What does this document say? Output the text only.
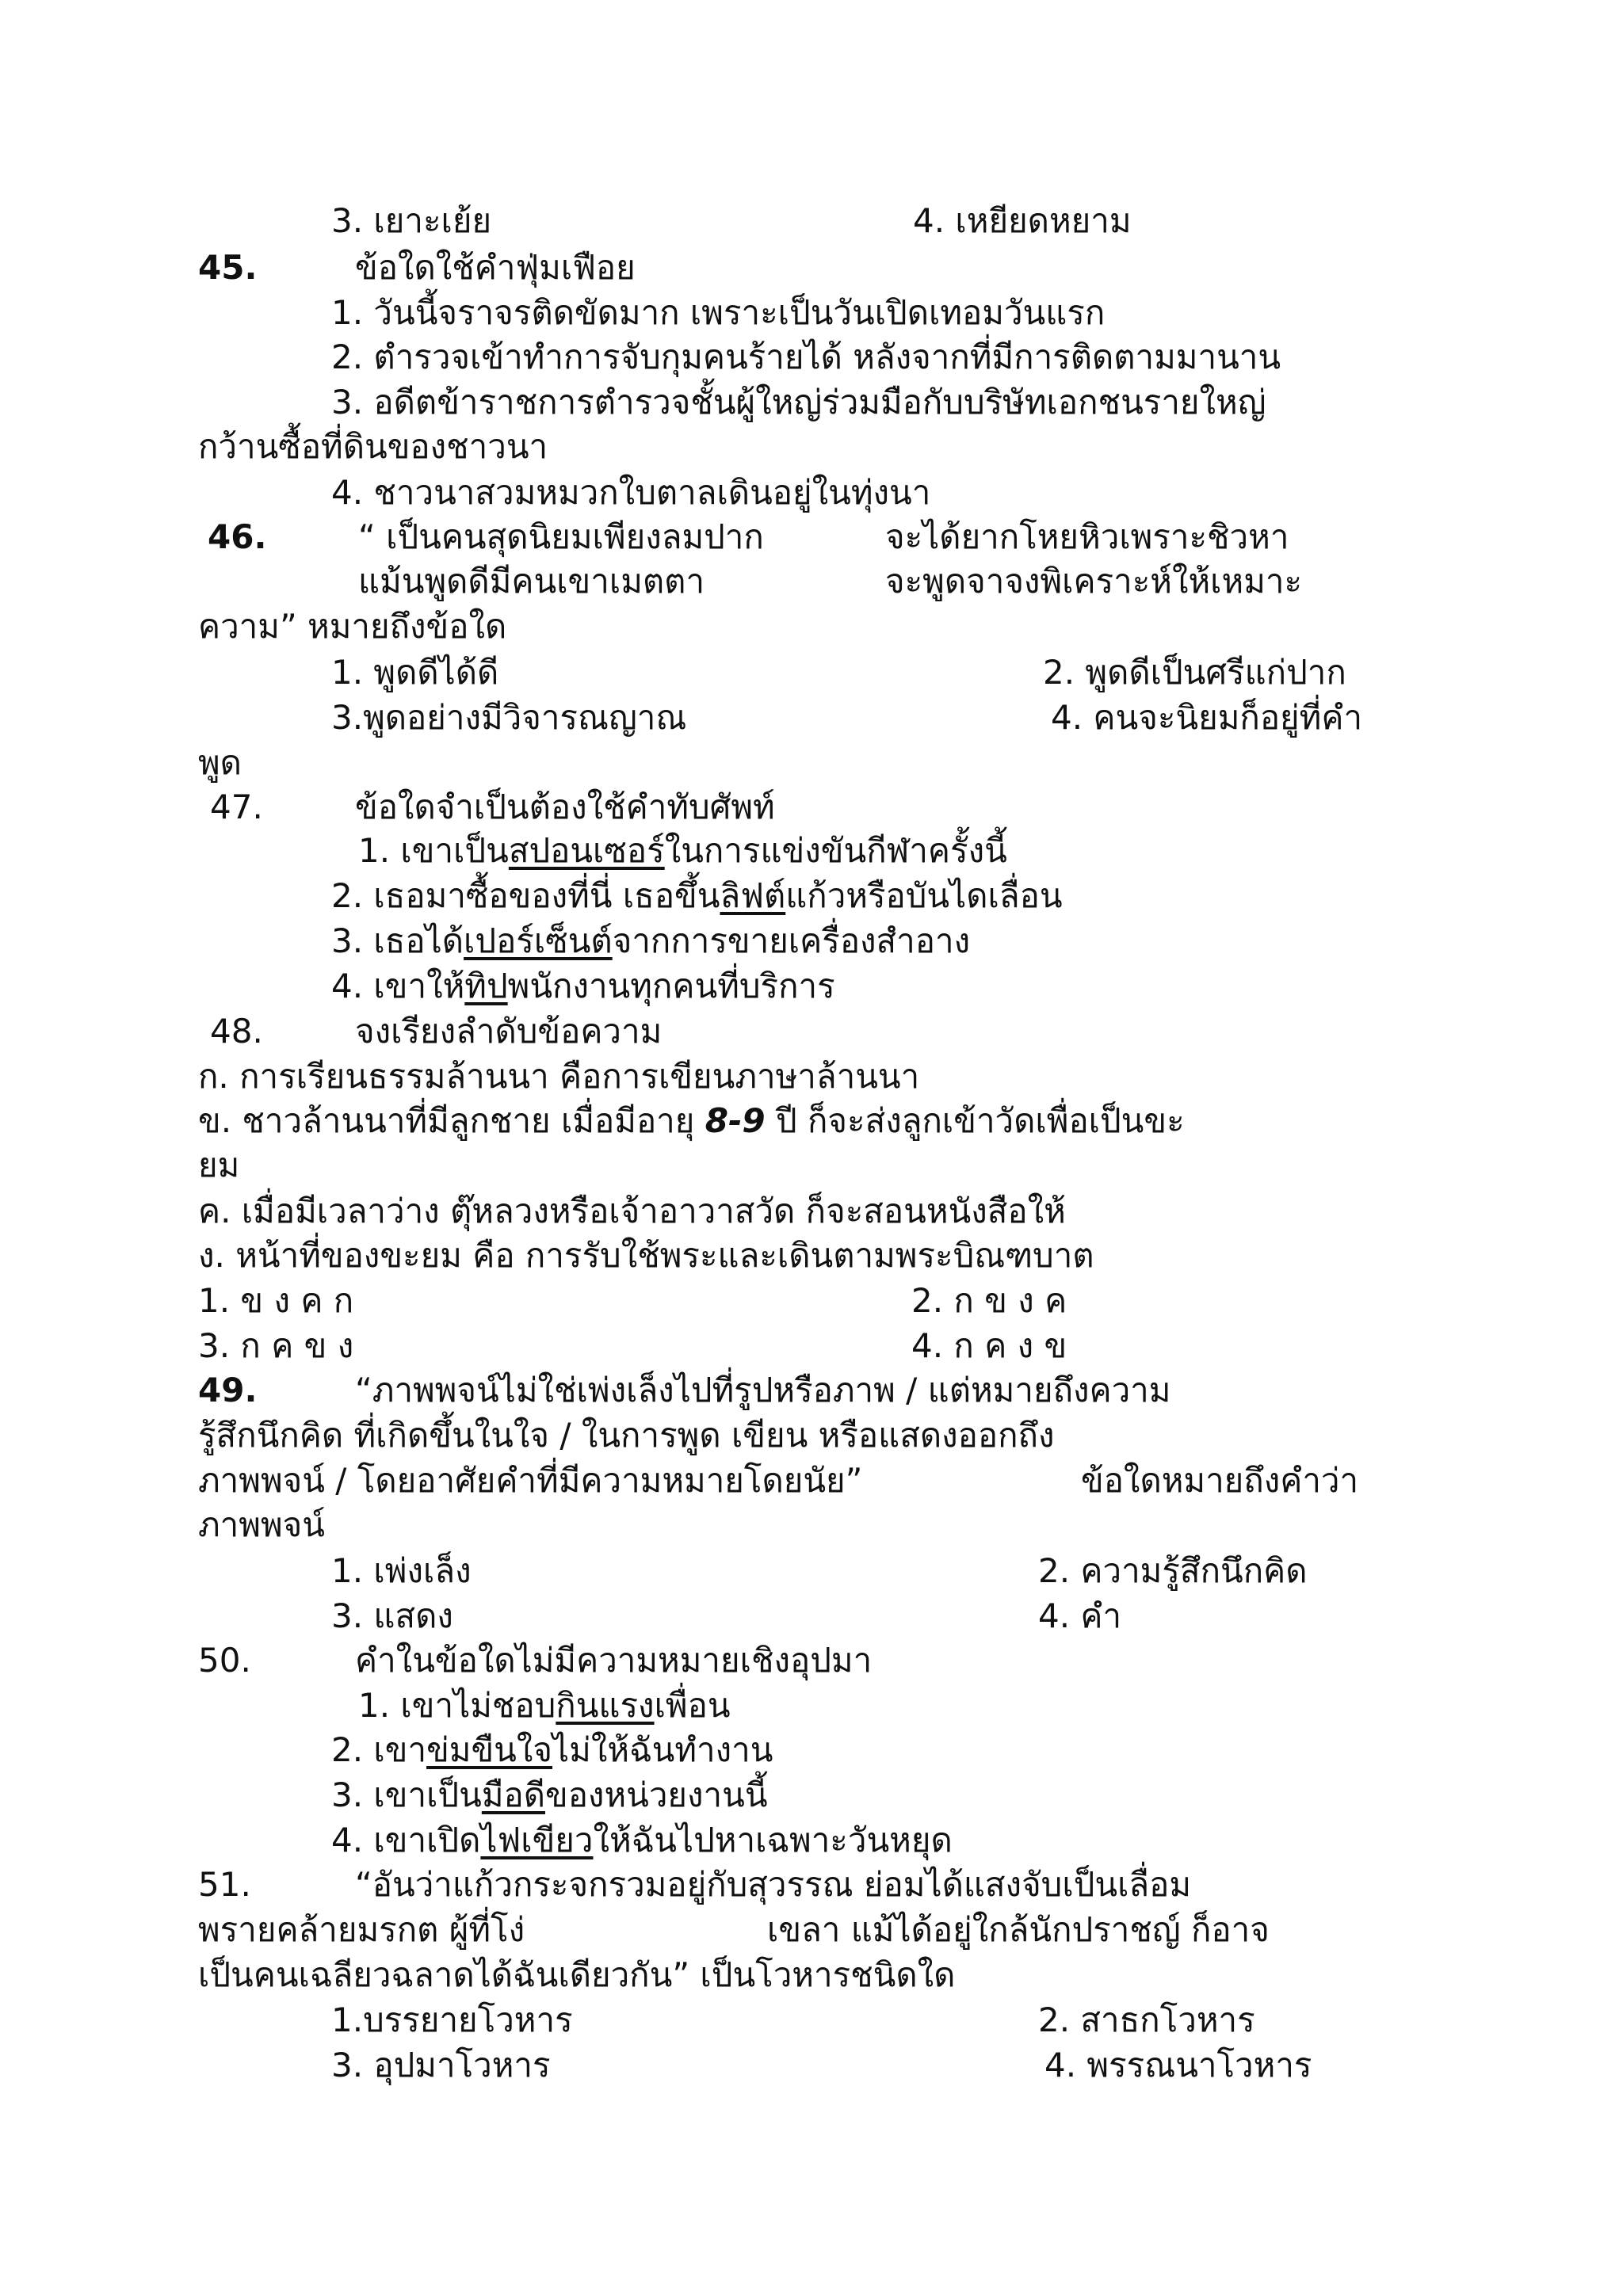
3. เยาะเย้ย	4. เหยียดหยาม
45.	ข้อใดใช้คำฟุ่มเฟือย
1. วันนี้จราจรติดขัดมาก เพราะเป็นวันเปิดเทอมวันแรก
2. ตำรวจเข้าทำการจับกุมคนร้ายได้ หลังจากที่มีการติดตามมานาน
3. อดีตข้าราชการตำรวจชั้นผู้ใหญ่ร่วมมือกับบริษัทเอกชนรายใหญ่
กว้านซื้อที่ดินของชาวนา
4. ชาวนาสวมหมวกใบตาลเดินอยู่ในทุ่งนา
46.	“ เป็นคนสุดนิยมเพียงลมปาก	จะได้ยากโหยหิวเพราะชิวหา
แม้นพูดดีมีคนเขาเมตตา	จะพูดจาจงพิเคราะห์ให้เหมาะ
ความ” หมายถึงข้อใด
1. พูดดีได้ดี	2. พูดดีเป็นศรีแก่ปาก
3.พูดอย่างมีวิจารณญาณ	4. คนจะนิยมก็อยู่ที่คำ
พูด
47.	ข้อใดจำเป็นต้องใช้คำทับศัพท์
1. เขาเป็นสปอนเซอร์ในการแข่งขันกีฬาครั้งนี้
2. เธอมาซื้อของที่นี่ เธอขึ้นลิฟต์แก้วหรือบันไดเลื่อน
3. เธอได้เปอร์เซ็นต์จากการขายเครื่องสำอาง
4. เขาให้ทิปพนักงานทุกคนที่บริการ
48.	จงเรียงลำดับข้อความ
ก. การเรียนธรรมล้านนา คือการเขียนภาษาล้านนา
ข. ชาวล้านนาที่มีลูกชาย เมื่อมีอายุ 8-9 ปี ก็จะส่งลูกเข้าวัดเพื่อเป็นขะ
ยม
ค. เมื่อมีเวลาว่าง ตุ๊หลวงหรือเจ้าอาวาสวัด ก็จะสอนหนังสือให้
ง. หน้าที่ของขะยม คือ การรับใช้พระและเดินตามพระบิณฑบาต
1. ข ง ค ก	2. ก ข ง ค
3. ก ค ข ง	4. ก ค ง ข
49.	“ภาพพจน์ไม่ใช่เพ่งเล็งไปที่รูปหรือภาพ / แต่หมายถึงความ
รู้สึกนึกคิด ที่เกิดขึ้นในใจ / ในการพูด เขียน หรือแสดงออกถึง
ภาพพจน์ / โดยอาศัยคำที่มีความหมายโดยนัย”	ข้อใดหมายถึงคำว่า
ภาพพจน์
1. เพ่งเล็ง	2. ความรู้สึกนึกคิด
3. แสดง	4. คำ
50.	คำในข้อใดไม่มีความหมายเชิงอุปมา
1. เขาไม่ชอบกินแรงเพื่อน
2. เขาข่มขืนใจไม่ให้ฉันทำงาน
3. เขาเป็นมือดีของหน่วยงานนี้
4. เขาเปิดไฟเขียวให้ฉันไปหาเฉพาะวันหยุด
51.	“อันว่าแก้วกระจกรวมอยู่กับสุวรรณ ย่อมได้แสงจับเป็นเลื่อม
พรายคล้ายมรกต ผู้ที่โง่	เขลา แม้ได้อยู่ใกล้นักปราชญ์ ก็อาจ
เป็นคนเฉลียวฉลาดได้ฉันเดียวกัน” เป็นโวหารชนิดใด
1.บรรยายโวหาร	2. สาธกโวหาร
3. อุปมาโวหาร	4. พรรณนาโวหาร
